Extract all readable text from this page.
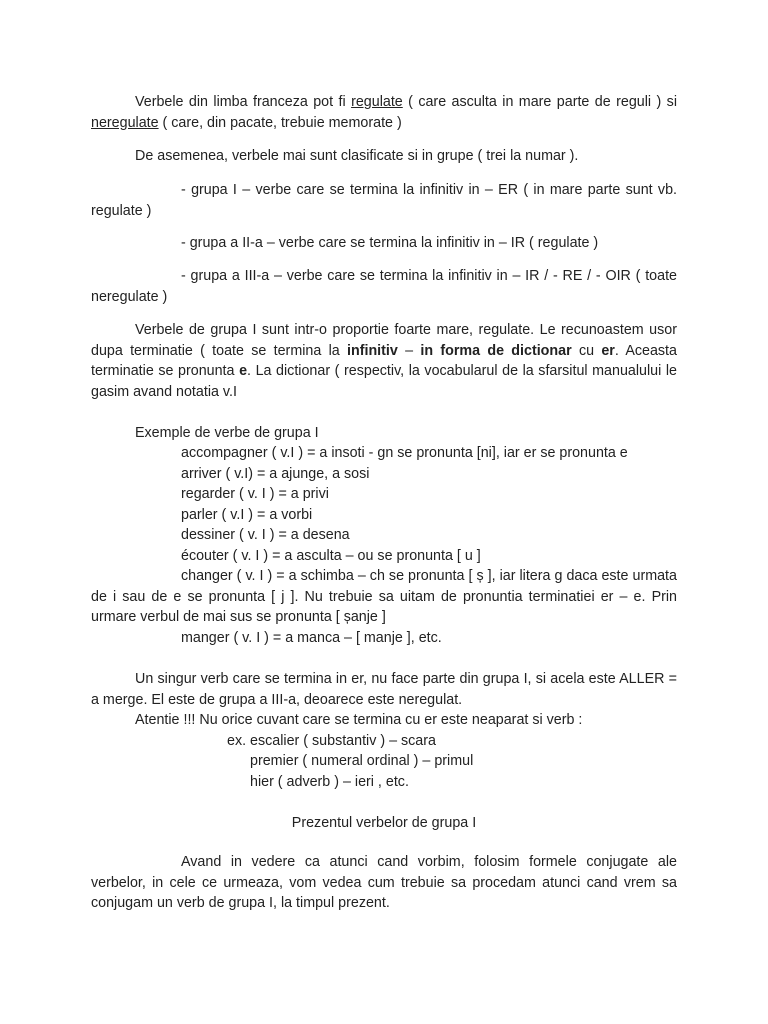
Verbele din limba franceza pot fi regulate ( care asculta in mare parte de reguli ) si neregulate ( care, din pacate, trebuie memorate )

De asemenea, verbele mai sunt clasificate si in grupe ( trei la numar ).

- grupa I – verbe care se termina la infinitiv in – ER ( in mare parte sunt vb. regulate )

- grupa a II-a – verbe care se termina la infinitiv in – IR ( regulate )

- grupa a III-a – verbe care se termina la infinitiv in – IR / - RE / - OIR ( toate neregulate )

Verbele de grupa I sunt intr-o proportie foarte mare, regulate. Le recunoastem usor dupa terminatie ( toate se termina la infinitiv – in forma de dictionar cu er. Aceasta terminatie se pronunta e. La dictionar ( respectiv, la vocabularul de la sfarsitul manualului le gasim avand notatia v.I

Exemple de verbe de grupa I

accompagner ( v.I ) = a insoti - gn se pronunta [ni], iar er se pronunta e

arriver ( v.I) = a ajunge, a sosi

regarder ( v. I ) = a privi

parler ( v.I ) = a vorbi

dessiner ( v. I ) = a desena

écouter ( v. I ) = a asculta – ou se pronunta [ u ]

changer ( v. I ) = a schimba – ch se pronunta [ ș ], iar litera g daca este urmata de i sau de e se pronunta [ j ]. Nu trebuie sa uitam de pronuntia terminatiei er – e. Prin urmare verbul de mai sus se pronunta [ șanje ]

manger ( v. I ) = a manca – [ manje ], etc.

Un singur verb care se termina in er, nu face parte din grupa I, si acela este ALLER = a merge. El este de grupa a III-a, deoarece este neregulat.

Atentie !!! Nu orice cuvant care se termina cu er este neaparat si verb :

ex. escalier ( substantiv ) – scara

premier ( numeral ordinal ) – primul

hier ( adverb ) – ieri , etc.

Prezentul verbelor de grupa I

Avand in vedere ca atunci cand vorbim, folosim formele conjugate ale verbelor, in cele ce urmeaza, vom vedea cum trebuie sa procedam atunci cand vrem sa conjugam un verb de grupa I, la timpul prezent.
